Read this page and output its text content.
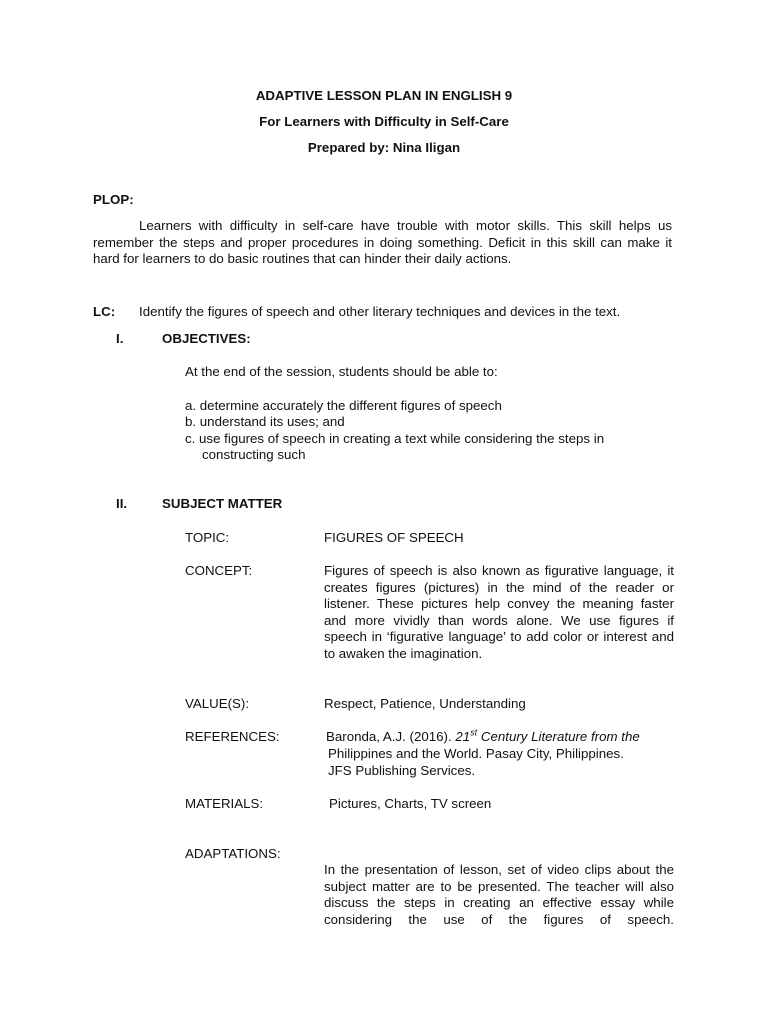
ADAPTIVE LESSON PLAN IN ENGLISH 9
For Learners with Difficulty in Self-Care
Prepared by: Nina Iligan
PLOP:

Learners with difficulty in self-care have trouble with motor skills. This skill helps us remember the steps and proper procedures in doing something. Deficit in this skill can make it hard for learners to do basic routines that can hinder their daily actions.

LC: Identify the figures of speech and other literary techniques and devices in the text.
I.	OBJECTIVES:
At the end of the session, students should be able to:
a. determine accurately the different figures of speech
b. understand its uses; and
c. use figures of speech in creating a text while considering the steps in
constructing such
II.	SUBJECT MATTER
TOPIC:	FIGURES OF SPEECH
CONCEPT:	Figures of speech is also known as figurative language, it creates figures (pictures) in the mind of the reader or listener. These pictures help convey the meaning faster and more vividly than words alone. We use figures if speech in ‘figurative language’ to add color or interest and to awaken the imagination.

VALUE(S):	Respect, Patience, Understanding
REFERENCES:	Baronda, A.J. (2016). 21st Century Literature from the
Philippines and the World. Pasay City, Philippines.
JFS Publishing Services.
MATERIALS:	Pictures, Charts, TV screen
ADAPTATIONS:

In the presentation of lesson, set of video clips about the subject matter are to be presented. The teacher will also discuss the steps in creating an effective essay while considering the use of the figures of speech.
